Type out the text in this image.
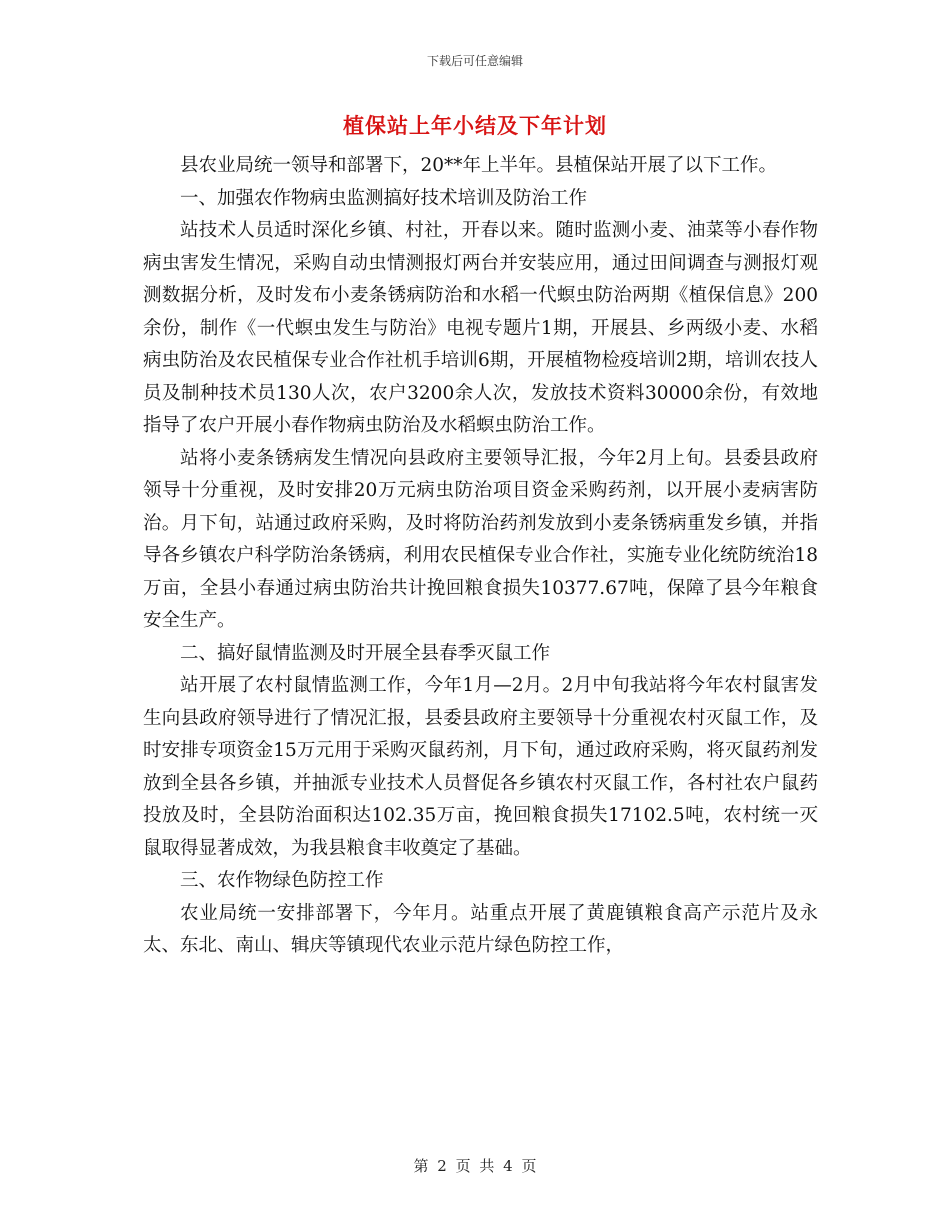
下载后可任意编辑
植保站上年小结及下年计划

县农业局统一领导和部署下，20**年上半年。县植保站开展了以下工作。

一、加强农作物病虫监测搞好技术培训及防治工作

站技术人员适时深化乡镇、村社，开春以来。随时监测小麦、油菜等小春作物病虫害发生情况，采购自动虫情测报灯两台并安装应用，通过田间调查与测报灯观测数据分析，及时发布小麦条锈病防治和水稻一代螟虫防治两期《植保信息》200余份，制作《一代螟虫发生与防治》电视专题片1期，开展县、乡两级小麦、水稻病虫防治及农民植保专业合作社机手培训6期，开展植物检疫培训2期，培训农技人员及制种技术员130人次，农户3200余人次，发放技术资料30000余份，有效地指导了农户开展小春作物病虫防治及水稻螟虫防治工作。

站将小麦条锈病发生情况向县政府主要领导汇报，今年2月上旬。县委县政府领导十分重视，及时安排20万元病虫防治项目资金采购药剂，以开展小麦病害防治。月下旬，站通过政府采购，及时将防治药剂发放到小麦条锈病重发乡镇，并指导各乡镇农户科学防治条锈病，利用农民植保专业合作社，实施专业化统防统治18万亩，全县小春通过病虫防治共计挽回粮食损失10377.67吨，保障了县今年粮食安全生产。

二、搞好鼠情监测及时开展全县春季灭鼠工作

站开展了农村鼠情监测工作，今年1月—2月。2月中旬我站将今年农村鼠害发生向县政府领导进行了情况汇报，县委县政府主要领导十分重视农村灭鼠工作，及时安排专项资金15万元用于采购灭鼠药剂，月下旬，通过政府采购，将灭鼠药剂发放到全县各乡镇，并抽派专业技术人员督促各乡镇农村灭鼠工作，各村社农户鼠药投放及时，全县防治面积达102.35万亩，挽回粮食损失17102.5吨，农村统一灭鼠取得显著成效，为我县粮食丰收奠定了基础。

三、农作物绿色防控工作

农业局统一安排部署下，今年月。站重点开展了黄鹿镇粮食高产示范片及永太、东北、南山、辑庆等镇现代农业示范片绿色防控工作，

第 2 页 共 4 页
